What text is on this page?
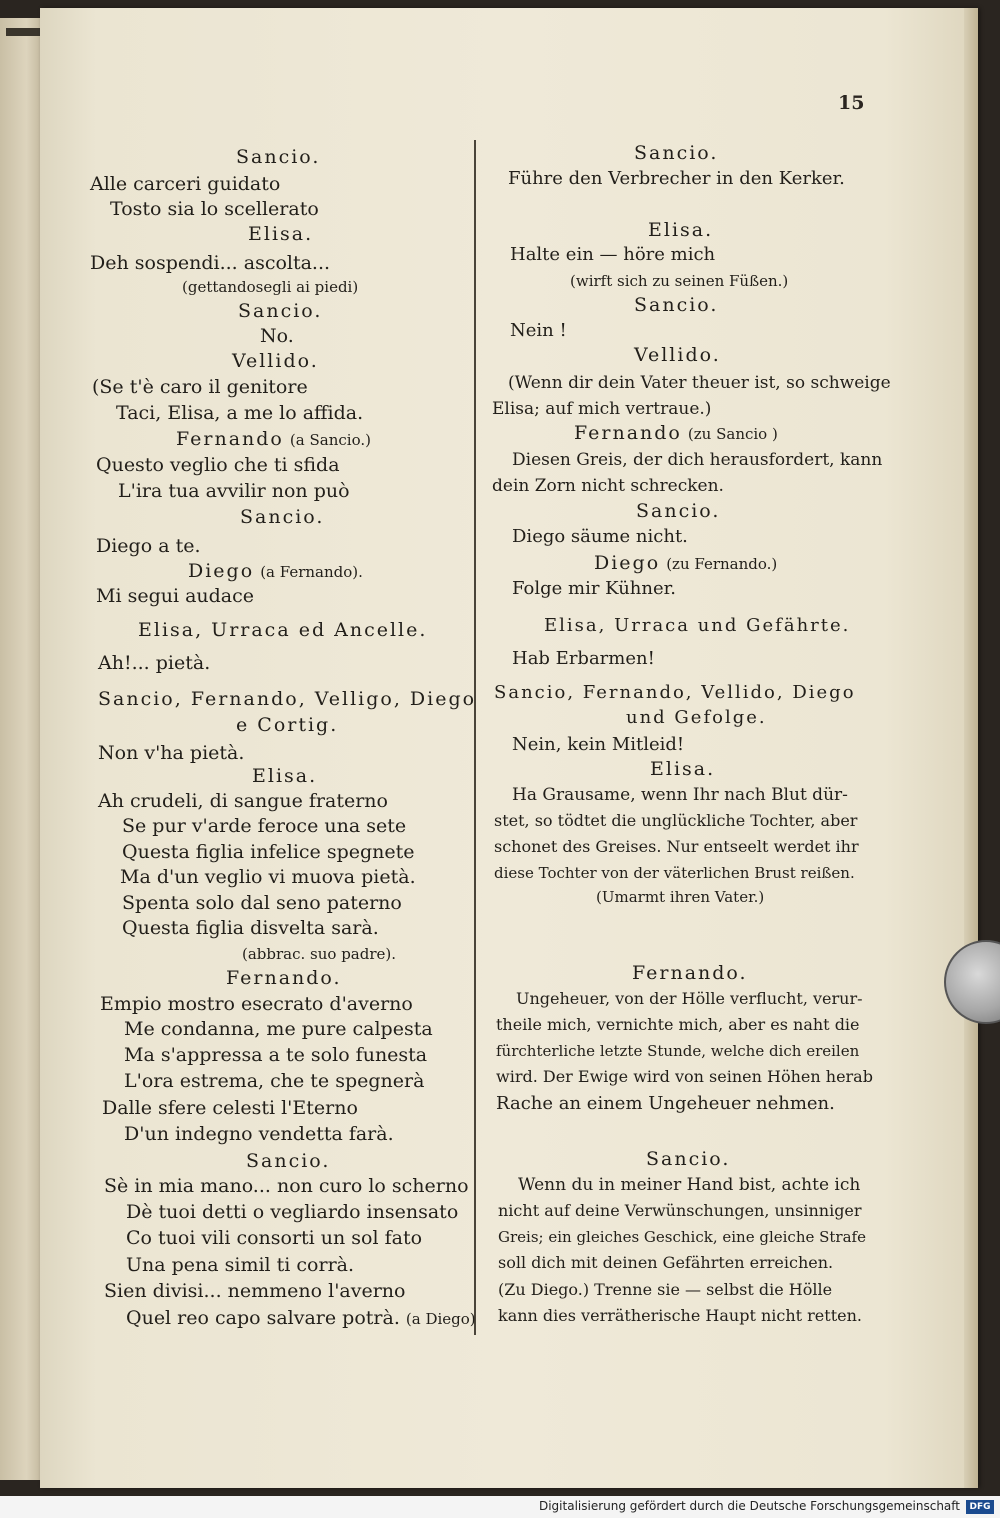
15
Sancio.
Alle carceri guidato
Tosto sia lo scellerato
Elisa.
Deh sospendi... ascolta...
(gettandosegli ai piedi)
Sancio.
No.
Vellido.
(Se t'è caro il genitore
Taci, Elisa, a me lo affida.
Fernando (a Sancio.)
Questo veglio che ti sfida
L'ira tua avvilir non può
Sancio.
Diego a te.
Diego (a Fernando).
Mi segui audace
Elisa, Urraca ed Ancelle.
Ah!... pietà.
Sancio, Fernando, Velligo, Diego
e Cortig.
Non v'ha pietà.
Elisa.
Ah crudeli, di sangue fraterno
Se pur v'arde feroce una sete
Questa figlia infelice spegnete
Ma d'un veglio vi muova pietà.
Spenta solo dal seno paterno
Questa figlia disvelta sarà.
(abbrac. suo padre).
Fernando.
Empio mostro esecrato d'averno
Me condanna, me pure calpesta
Ma s'appressa a te solo funesta
L'ora estrema, che te spegnerà
Dalle sfere celesti l'Eterno
D'un indegno vendetta farà.
Sancio.
Sè in mia mano... non curo lo scherno
Dè tuoi detti o vegliardo insensato
Co tuoi vili consorti un sol fato
Una pena simil ti corrà.
Sien divisi... nemmeno l'averno
Quel reo capo salvare potrà. (a Diego)
Sancio.
Führe den Verbrecher in den Kerker.
Elisa.
Halte ein — höre mich
(wirft sich zu seinen Füßen.)
Sancio.
Nein !
Vellido.
(Wenn dir dein Vater theuer ist, so schweige
Elisa; auf mich vertraue.)
Fernando (zu Sancio )
Diesen Greis, der dich herausfordert, kann
dein Zorn nicht schrecken.
Sancio.
Diego säume nicht.
Diego (zu Fernando.)
Folge mir Kühner.
Elisa, Urraca und Gefährte.
Hab Erbarmen!
Sancio, Fernando, Vellido, Diego
und Gefolge.
Nein, kein Mitleid!
Elisa.
Ha Grausame, wenn Ihr nach Blut dür-
stet, so tödtet die unglückliche Tochter, aber
schonet des Greises. Nur entseelt werdet ihr
diese Tochter von der väterlichen Brust reißen.
(Umarmt ihren Vater.)
Fernando.
Ungeheuer, von der Hölle verflucht, verur-
theile mich, vernichte mich, aber es naht die
fürchterliche letzte Stunde, welche dich ereilen
wird. Der Ewige wird von seinen Höhen herab
Rache an einem Ungeheuer nehmen.
Sancio.
Wenn du in meiner Hand bist, achte ich
nicht auf deine Verwünschungen, unsinniger
Greis; ein gleiches Geschick, eine gleiche Strafe
soll dich mit deinen Gefährten erreichen.
(Zu Diego.) Trenne sie — selbst die Hölle
kann dies verrätherische Haupt nicht retten.
Digitalisierung gefördert durch die Deutsche Forschungsgemeinschaft	DFG
